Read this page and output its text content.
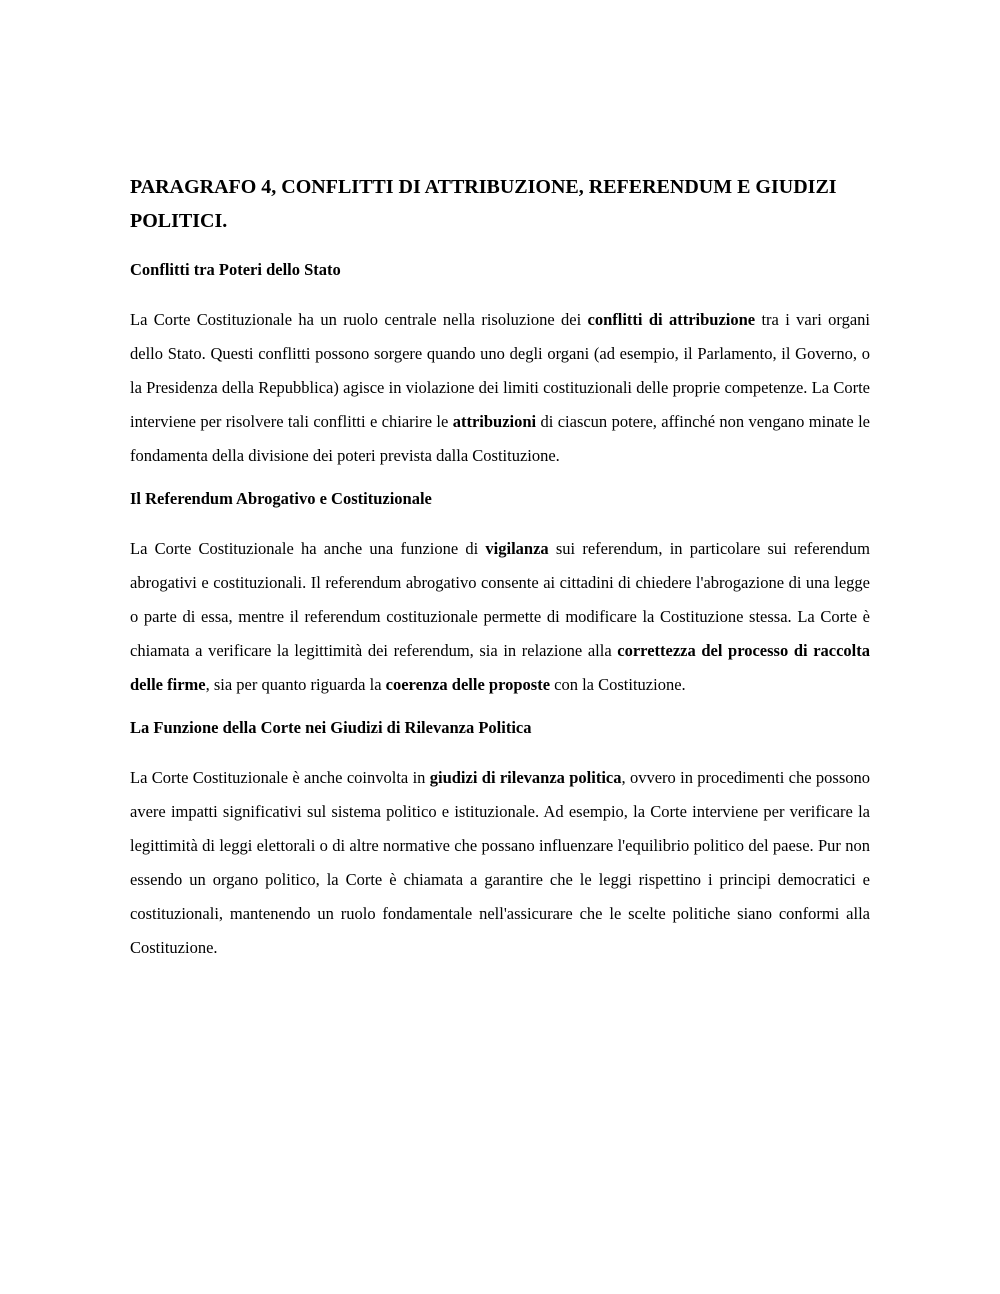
PARAGRAFO 4, CONFLITTI DI ATTRIBUZIONE, REFERENDUM E GIUDIZI POLITICI.
Conflitti tra Poteri dello Stato

La Corte Costituzionale ha un ruolo centrale nella risoluzione dei conflitti di attribuzione tra i vari organi dello Stato. Questi conflitti possono sorgere quando uno degli organi (ad esempio, il Parlamento, il Governo, o la Presidenza della Repubblica) agisce in violazione dei limiti costituzionali delle proprie competenze. La Corte interviene per risolvere tali conflitti e chiarire le attribuzioni di ciascun potere, affinché non vengano minate le fondamenta della divisione dei poteri prevista dalla Costituzione.

Il Referendum Abrogativo e Costituzionale

La Corte Costituzionale ha anche una funzione di vigilanza sui referendum, in particolare sui referendum abrogativi e costituzionali. Il referendum abrogativo consente ai cittadini di chiedere l'abrogazione di una legge o parte di essa, mentre il referendum costituzionale permette di modificare la Costituzione stessa. La Corte è chiamata a verificare la legittimità dei referendum, sia in relazione alla correttezza del processo di raccolta delle firme, sia per quanto riguarda la coerenza delle proposte con la Costituzione.

La Funzione della Corte nei Giudizi di Rilevanza Politica

La Corte Costituzionale è anche coinvolta in giudizi di rilevanza politica, ovvero in procedimenti che possono avere impatti significativi sul sistema politico e istituzionale. Ad esempio, la Corte interviene per verificare la legittimità di leggi elettorali o di altre normative che possano influenzare l'equilibrio politico del paese. Pur non essendo un organo politico, la Corte è chiamata a garantire che le leggi rispettino i principi democratici e costituzionali, mantenendo un ruolo fondamentale nell'assicurare che le scelte politiche siano conformi alla Costituzione.
